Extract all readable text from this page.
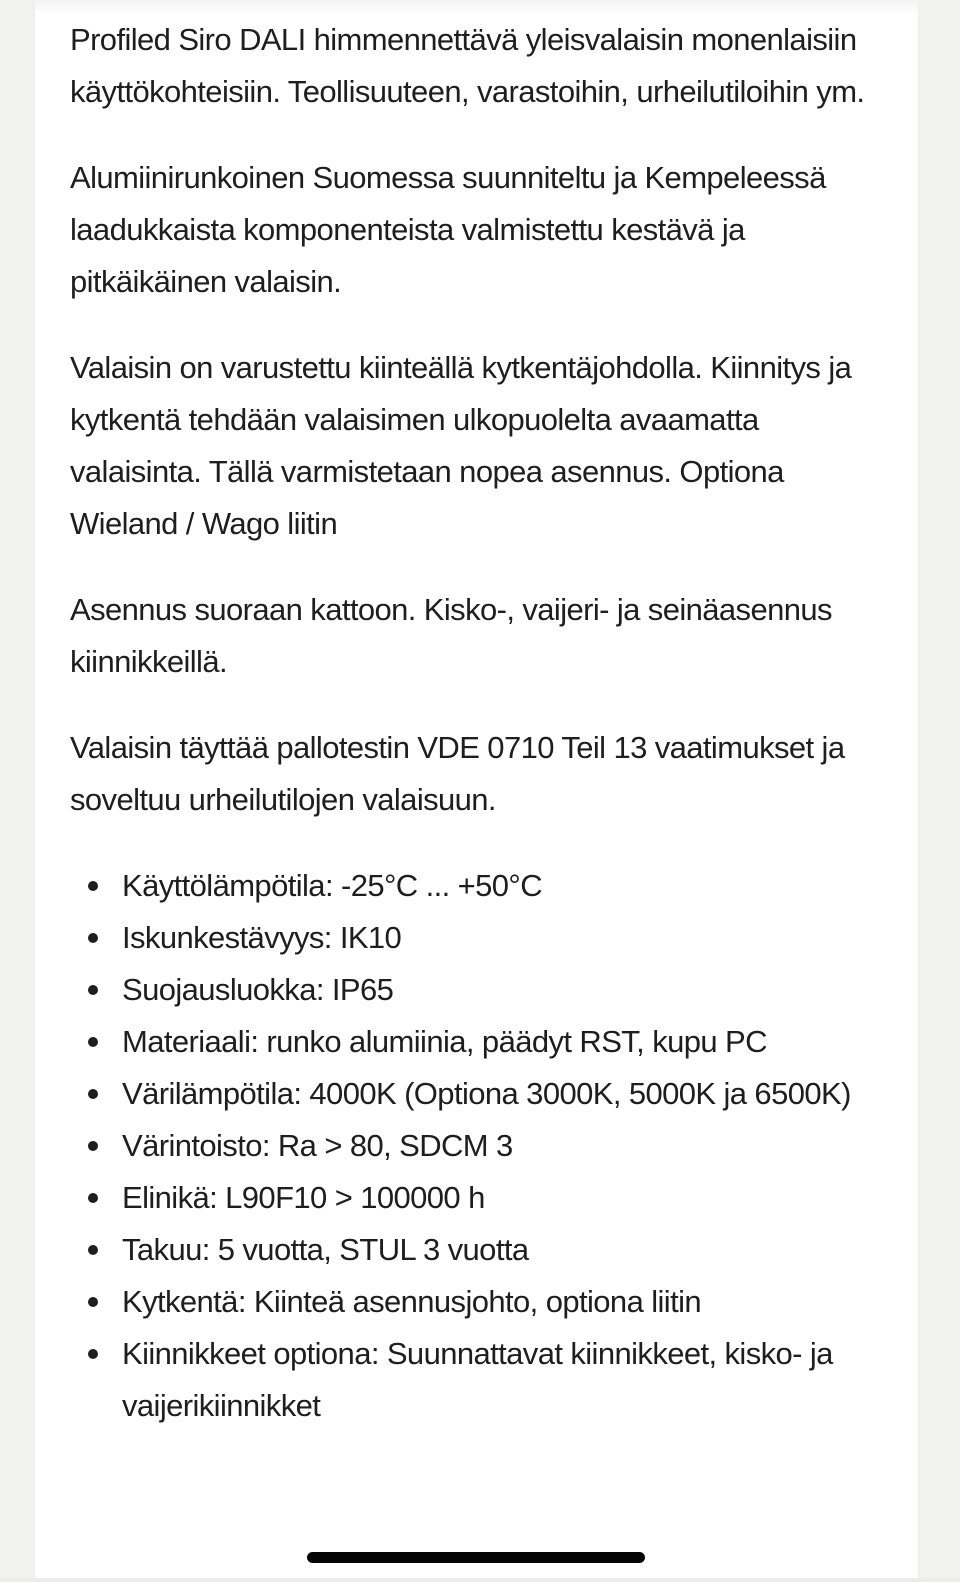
Profiled Siro DALI himmennettävä yleisvalaisin monenlaisiin käyttökohteisiin. Teollisuuteen, varastoihin, urheilutiloihin ym.

Alumiinirunkoinen Suomessa suunniteltu ja Kempeleessä laadukkaista komponenteista valmistettu kestävä ja pitkäikäinen valaisin.

Valaisin on varustettu kiinteällä kytkentäjohdolla. Kiinnitys ja kytkentä tehdään valaisimen ulkopuolelta avaamatta valaisinta. Tällä varmistetaan nopea asennus. Optiona Wieland / Wago liitin

Asennus suoraan kattoon. Kisko-, vaijeri- ja seinäasennus kiinnikkeillä.

Valaisin täyttää pallotestin VDE 0710 Teil 13 vaatimukset ja soveltuu urheilutilojen valaisuun.

Käyttölämpötila: -25°C ... +50°C
Iskunkestävyys: IK10
Suojausluokka: IP65
Materiaali: runko alumiinia, päädyt RST, kupu PC
Värilämpötila: 4000K (Optiona 3000K, 5000K ja 6500K)
Värintoisto: Ra > 80, SDCM 3
Elinikä: L90F10 > 100000 h
Takuu: 5 vuotta, STUL 3 vuotta
Kytkentä: Kiinteä asennusjohto, optiona liitin
Kiinnikkeet optiona: Suunnattavat kiinnikkeet, kisko- ja vaijerikiinnikket
